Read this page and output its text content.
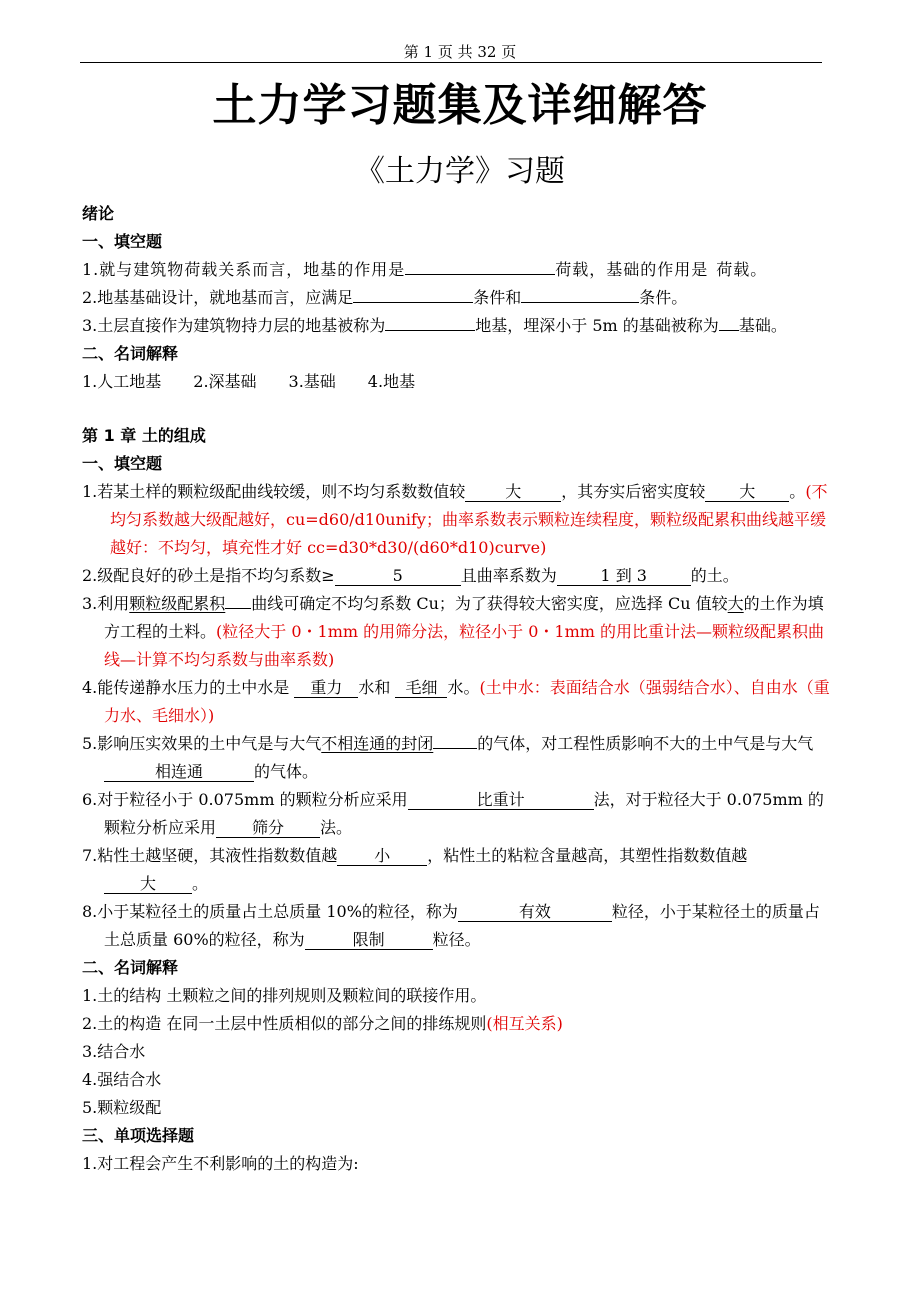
第 1 页 共 32 页
土力学习题集及详细解答
《土力学》习题
绪论
一、填空题
1.就与建筑物荷载关系而言，地基的作用是	荷载，基础的作用是 荷载。
2.地基基础设计，就地基而言，应满足	条件和	条件。
3.土层直接作为建筑物持力层的地基被称为	地基，埋深小于 5m 的基础被称为 基础。
二、名词解释
1.人工地基　　2.深基础　　3.基础　　4.地基
第 1 章 土的组成
一、填空题
1.若某土样的颗粒级配曲线较缓，则不均匀系数数值较 大	，其夯实后密实度较 大 。(不均匀系数越大级配越好，cu=d60/d10unify；曲率系数表示颗粒连续程度，颗粒级配累积曲线越平缓越好：不均匀，填充性才好 cc=d30*d30/(d60*d10)curve)
2.级配良好的砂土是指不均匀系数≥	5	且曲率系数为	1 到 3	的土。
3.利用颗粒级配累积 曲线可确定不均匀系数 Cu；为了获得较大密实度，应选择 Cu 值较大的土作为填方工程的土料。(粒径大于 0・1mm 的用筛分法，粒径小于 0・1mm 的用比重计法—颗粒级配累积曲线—计算不均匀系数与曲率系数)
4.能传递静水压力的土中水是 重力 水和 毛细 水。(土中水：表面结合水（强弱结合水）、自由水（重力水、毛细水）)
5.影响压实效果的土中气是与大气不相连通的封闭	的气体，对工程性质影响不大的土中气是与大气相连通	的气体。
6.对于粒径小于 0.075mm 的颗粒分析应采用	比重计	法，对于粒径大于 0.075mm 的颗粒分析应采用 筛分 法。
7.粘性土越坚硬，其液性指数数值越 小 ，粘性土的粘粒含量越高，其塑性指数数值越大 。
8.小于某粒径土的质量占土总质量 10%的粒径，称为	有效	粒径，小于某粒径土的质量占土总质量 60%的粒径，称为	限制	粒径。
二、名词解释
1.土的结构 土颗粒之间的排列规则及颗粒间的联接作用。
2.土的构造 在同一土层中性质相似的部分之间的排练规则(相互关系)
3.结合水
4.强结合水
5.颗粒级配
三、单项选择题
1.对工程会产生不利影响的土的构造为:
